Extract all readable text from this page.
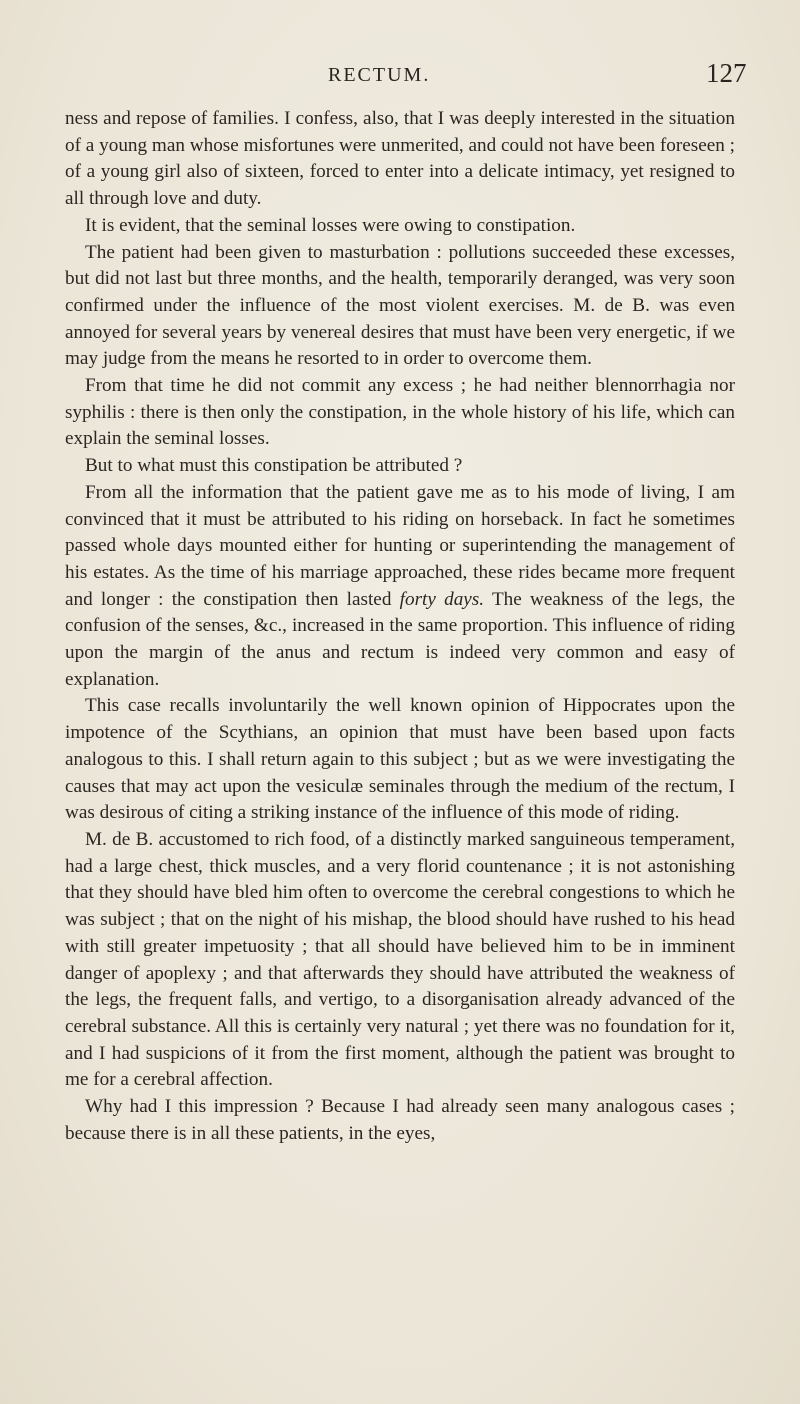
RECTUM.	127

ness and repose of families. I confess, also, that I was deeply interested in the situation of a young man whose misfortunes were unmerited, and could not have been foreseen ; of a young girl also of sixteen, forced to enter into a delicate intimacy, yet resigned to all through love and duty.

It is evident, that the seminal losses were owing to constipation.

The patient had been given to masturbation : pollutions succeeded these excesses, but did not last but three months, and the health, temporarily deranged, was very soon confirmed under the influence of the most violent exercises. M. de B. was even annoyed for several years by venereal desires that must have been very energetic, if we may judge from the means he resorted to in order to overcome them.

From that time he did not commit any excess ; he had neither blennorrhagia nor syphilis : there is then only the constipation, in the whole history of his life, which can explain the seminal losses.

But to what must this constipation be attributed ?

From all the information that the patient gave me as to his mode of living, I am convinced that it must be attributed to his riding on horseback. In fact he sometimes passed whole days mounted either for hunting or superintending the management of his estates. As the time of his marriage approached, these rides became more frequent and longer : the constipation then lasted forty days. The weakness of the legs, the confusion of the senses, &c., increased in the same proportion. This influence of riding upon the margin of the anus and rectum is indeed very common and easy of explanation.

This case recalls involuntarily the well known opinion of Hippocrates upon the impotence of the Scythians, an opinion that must have been based upon facts analogous to this. I shall return again to this subject ; but as we were investigating the causes that may act upon the vesiculæ seminales through the medium of the rectum, I was desirous of citing a striking instance of the influence of this mode of riding.

M. de B. accustomed to rich food, of a distinctly marked sanguineous temperament, had a large chest, thick muscles, and a very florid countenance ; it is not astonishing that they should have bled him often to overcome the cerebral congestions to which he was subject ; that on the night of his mishap, the blood should have rushed to his head with still greater impetuosity ; that all should have believed him to be in imminent danger of apoplexy ; and that afterwards they should have attributed the weakness of the legs, the frequent falls, and vertigo, to a disorganisation already advanced of the cerebral substance. All this is certainly very natural ; yet there was no foundation for it, and I had suspicions of it from the first moment, although the patient was brought to me for a cerebral affection.

Why had I this impression ? Because I had already seen many analogous cases ; because there is in all these patients, in the eyes,
